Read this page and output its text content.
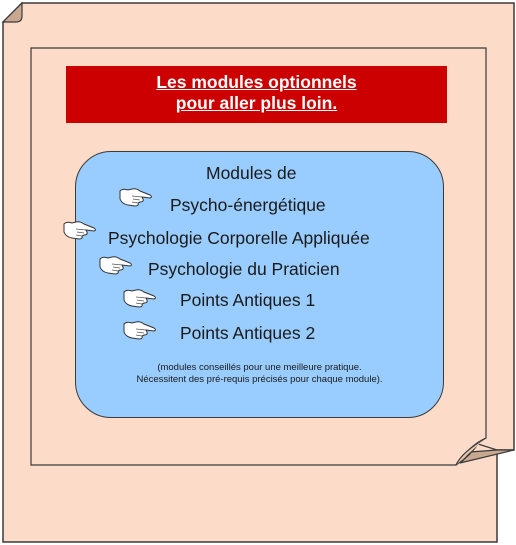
Les modules optionnels
pour aller plus loin.
Modules de
Psycho-énergétique
Psychologie Corporelle Appliquée
Psychologie du Praticien
Points Antiques 1
Points Antiques 2
(modules conseillés pour une meilleure pratique.
Nécessitent des pré-requis précisés pour chaque module).
